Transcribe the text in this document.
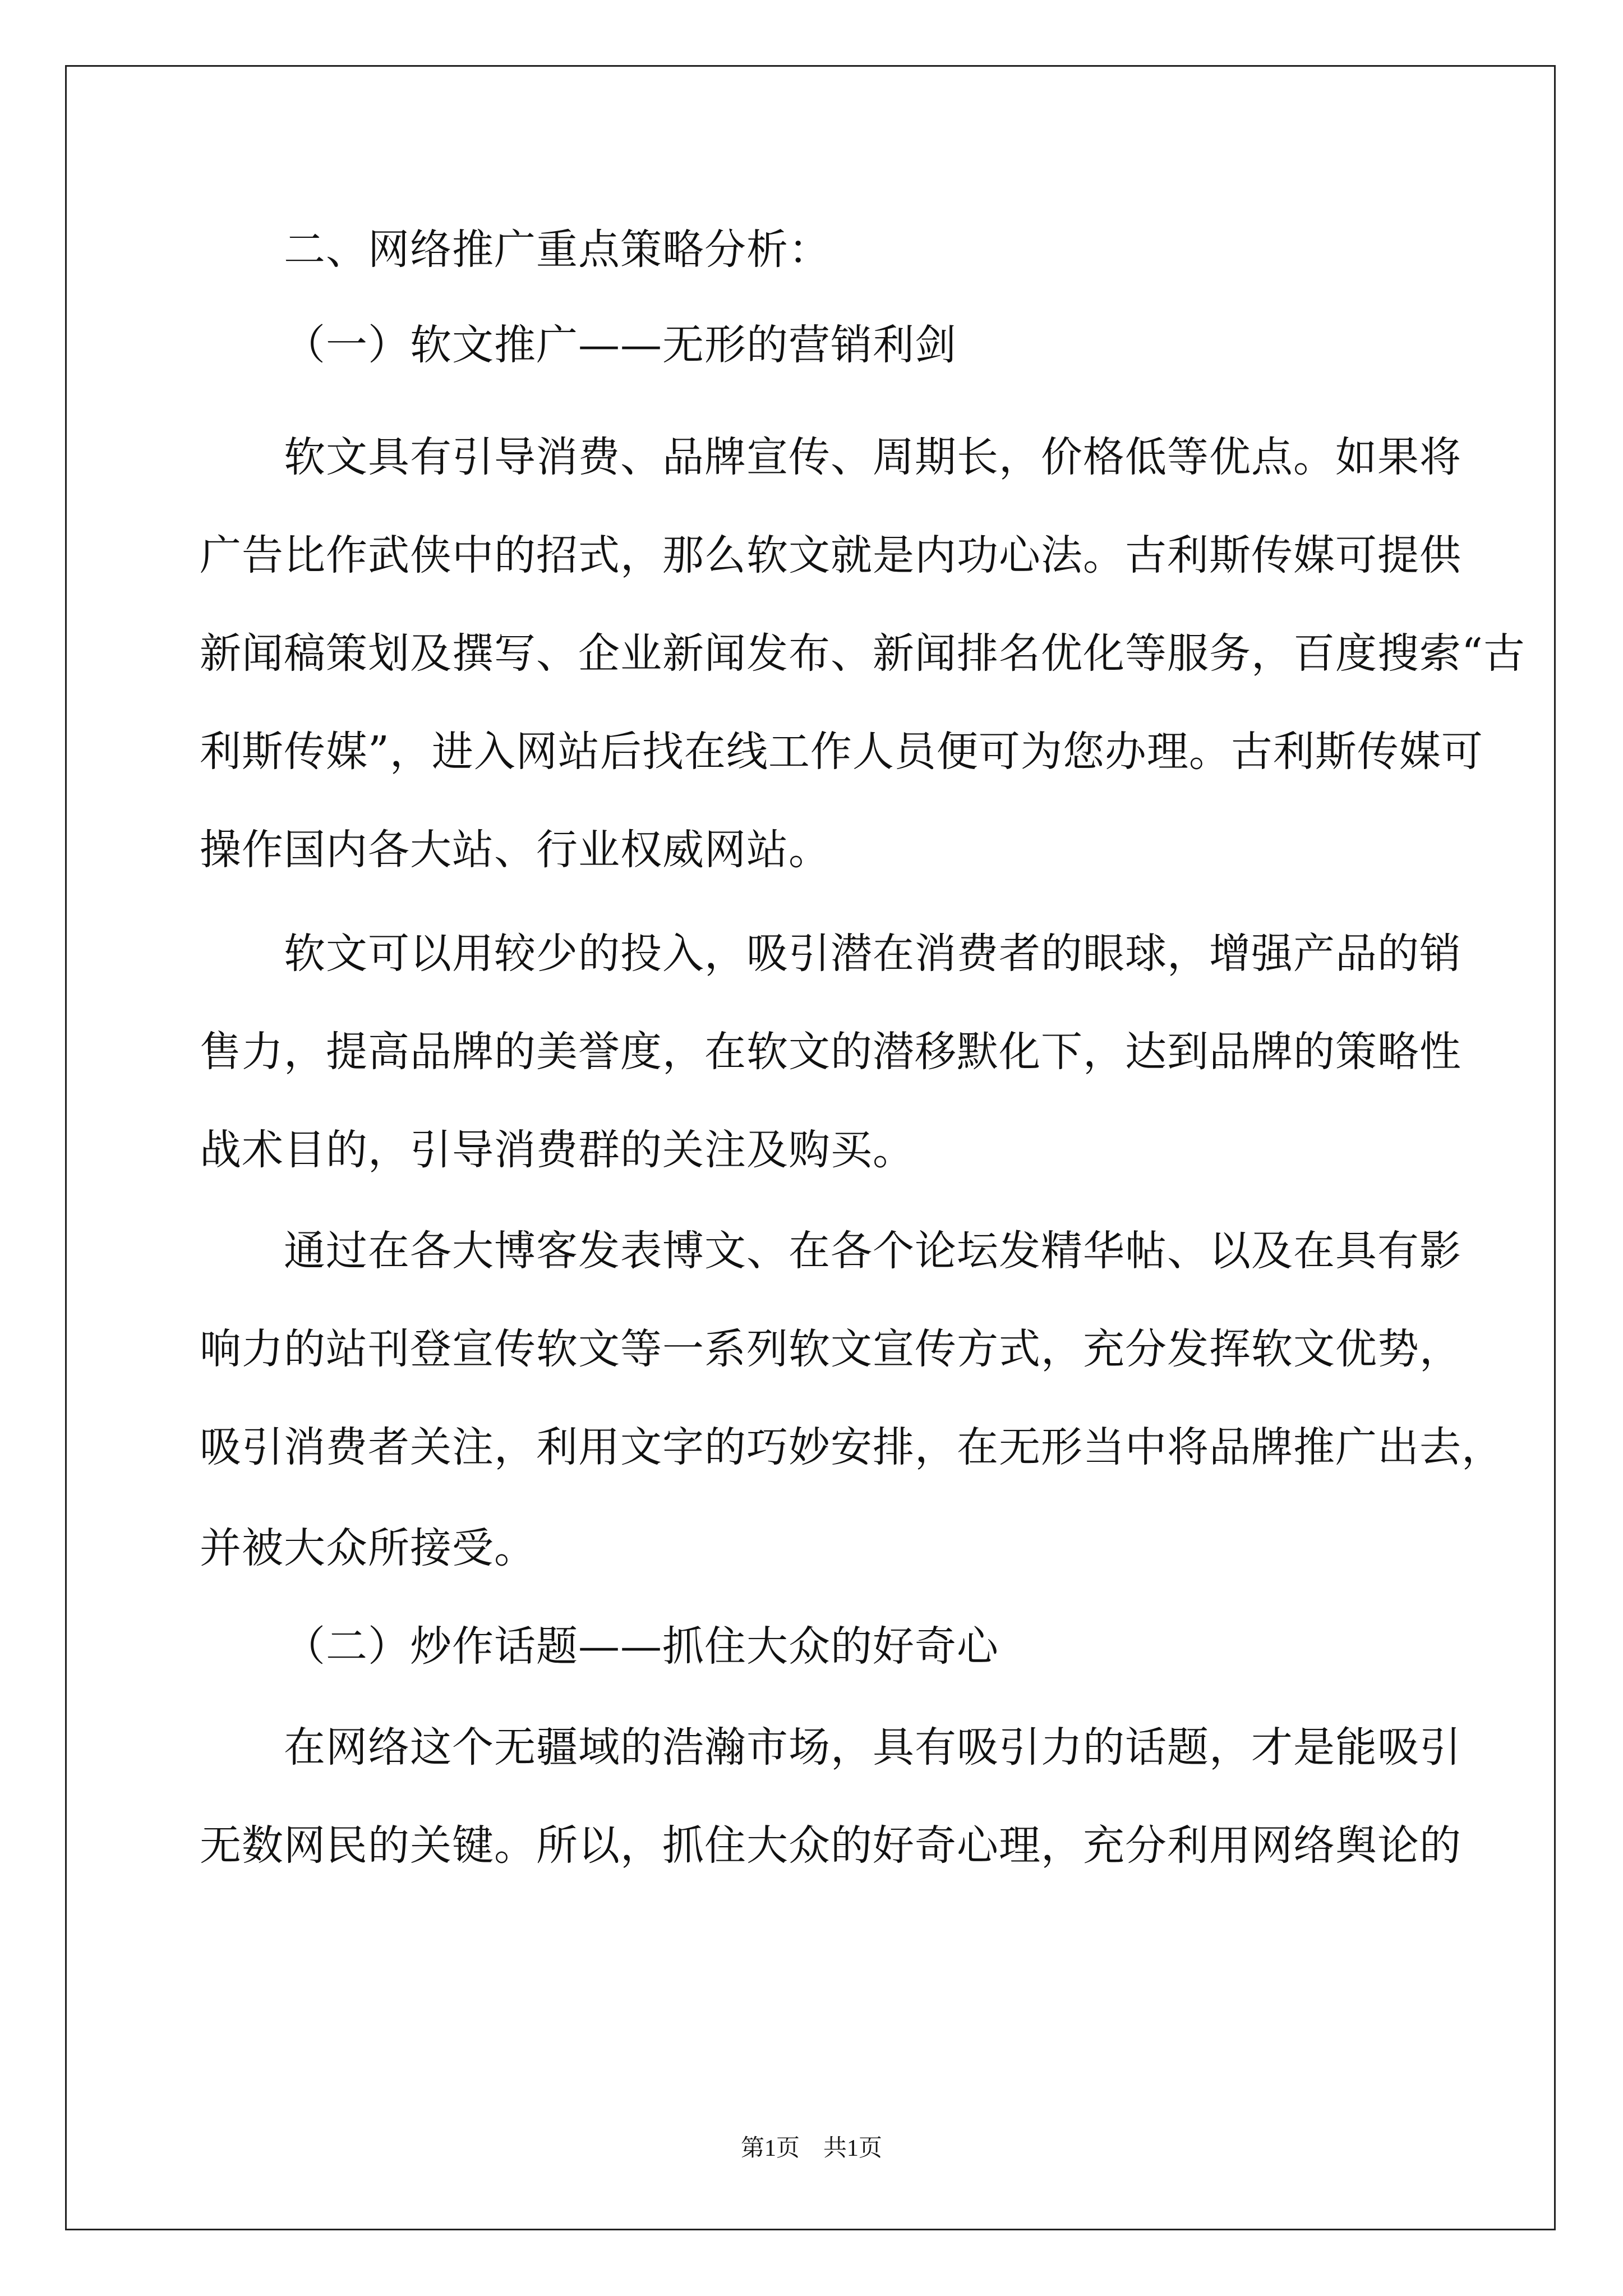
二、网络推广重点策略分析：
（一）软文推广——无形的营销利剑
软文具有引导消费、品牌宣传、周期长，价格低等优点。如果将
广告比作武侠中的招式，那么软文就是内功心法。古利斯传媒可提供
新闻稿策划及撰写、企业新闻发布、新闻排名优化等服务，百度搜索“古
利斯传媒”，进入网站后找在线工作人员便可为您办理。古利斯传媒可
操作国内各大站、行业权威网站。
软文可以用较少的投入，吸引潜在消费者的眼球，增强产品的销
售力，提高品牌的美誉度，在软文的潜移默化下，达到品牌的策略性
战术目的，引导消费群的关注及购买。
通过在各大博客发表博文、在各个论坛发精华帖、以及在具有影
响力的站刊登宣传软文等一系列软文宣传方式，充分发挥软文优势，
吸引消费者关注，利用文字的巧妙安排，在无形当中将品牌推广出去，
并被大众所接受。
（二）炒作话题——抓住大众的好奇心
在网络这个无疆域的浩瀚市场，具有吸引力的话题，才是能吸引
无数网民的关键。所以，抓住大众的好奇心理，充分利用网络舆论的
第1页　共1页
